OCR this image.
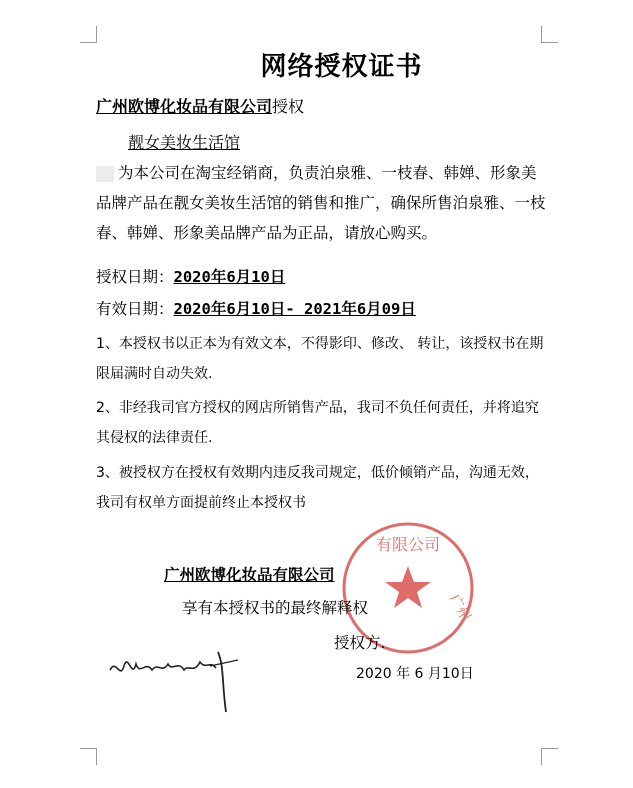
网络授权证书
广州欧博化妆品有限公司授权
靓女美妆生活馆
为本公司在淘宝经销商，负责泊泉雅、一枝春、韩婵、形象美品牌产品在靓女美妆生活馆的销售和推广，确保所售泊泉雅、一枝春、韩婵、形象美品牌产品为正品，请放心购买。
授权日期：2020年6月10日
有效日期：2020年6月10日- 2021年6月09日
1、本授权书以正本为有效文本，不得影印、修改、 转让，该授权书在期限届满时自动失效.
2、非经我司官方授权的网店所销售产品，我司不负任何责任，并将追究其侵权的法律责任.
3、被授权方在授权有效期内违反我司规定，低价倾销产品，沟通无效，我司有权单方面提前终止本授权书
有限公司
广州
广州欧博化妆品有限公司
享有本授权书的最终解释权
授权方.
2020 年 6 月10日
